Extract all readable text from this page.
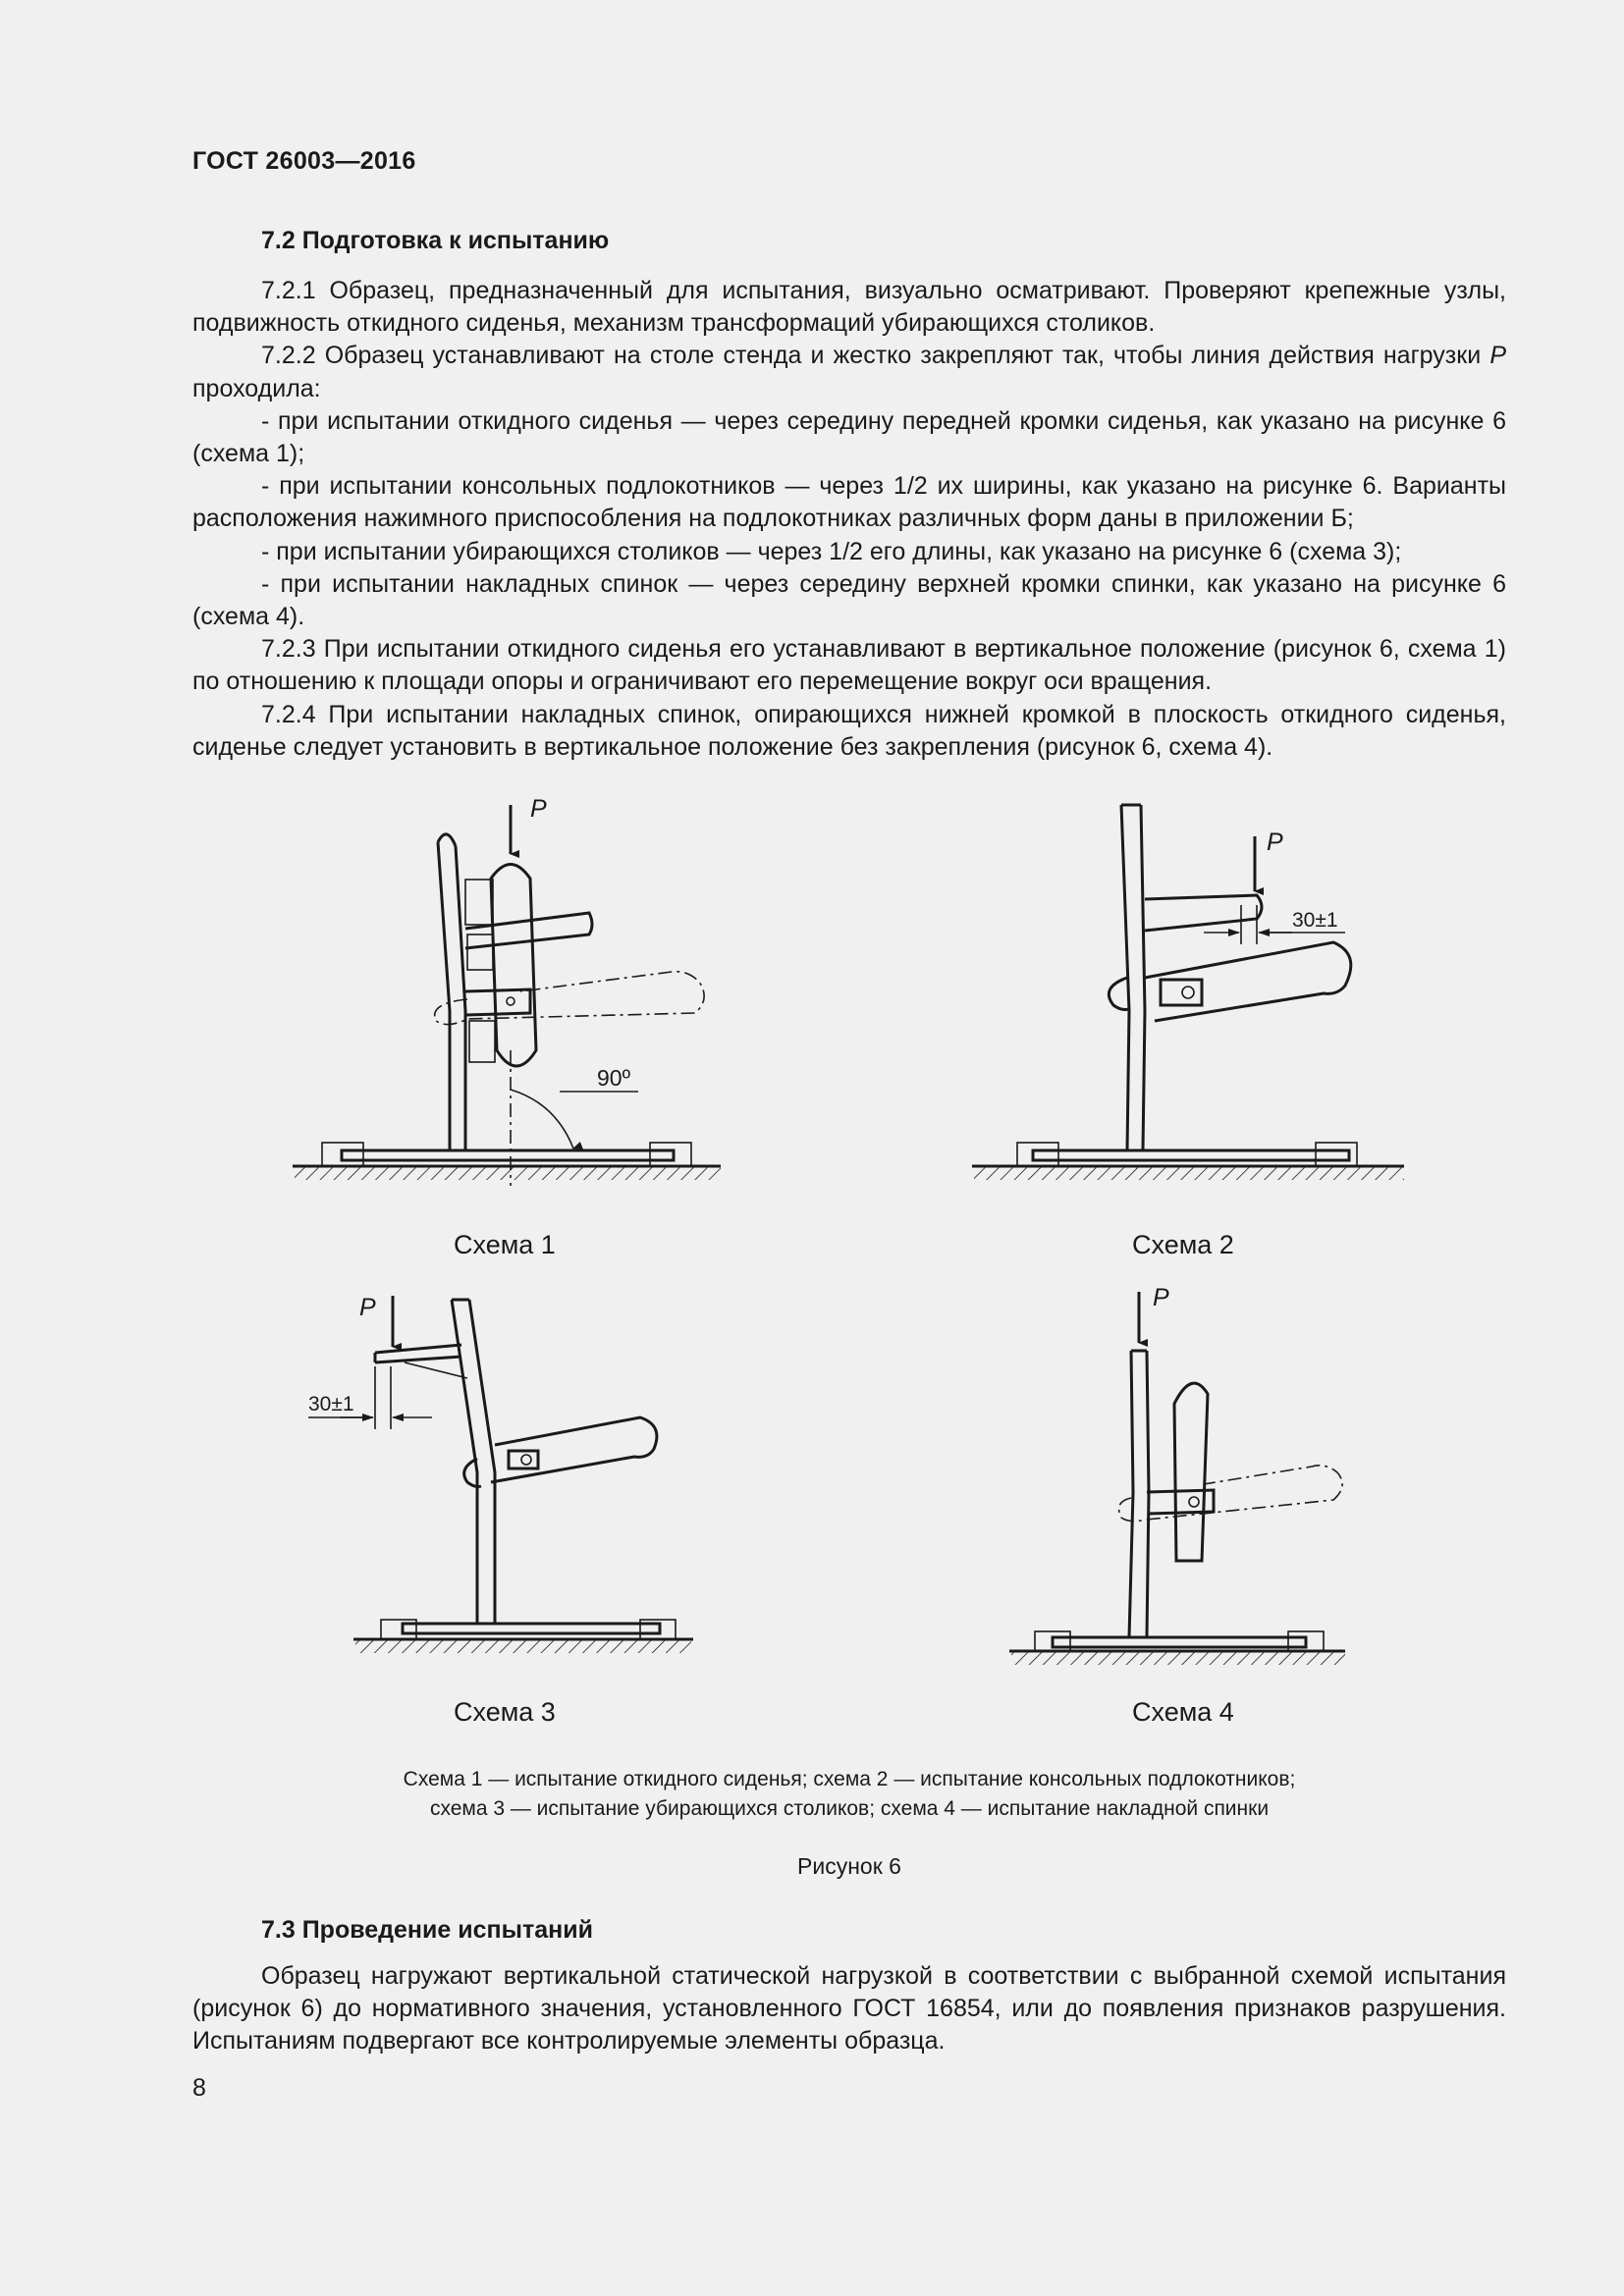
ГОСТ 26003—2016
7.2 Подготовка к испытанию

7.2.1 Образец, предназначенный для испытания, визуально осматривают. Проверяют крепежные узлы, подвижность откидного сиденья, механизм трансформаций убирающихся столиков.

7.2.2 Образец устанавливают на столе стенда и жестко закрепляют так, чтобы линия действия нагрузки P проходила:

- при испытании откидного сиденья — через середину передней кромки сиденья, как указано на рисунке 6 (схема 1);

- при испытании консольных подлокотников — через 1/2 их ширины, как указано на рисунке 6. Варианты расположения нажимного приспособления на подлокотниках различных форм даны в приложении Б;

- при испытании убирающихся столиков — через 1/2 его длины, как указано на рисунке 6 (схема 3);

- при испытании накладных спинок — через середину верхней кромки спинки, как указано на рисунке 6 (схема 4).

7.2.3 При испытании откидного сиденья его устанавливают в вертикальное положение (рисунок 6, схема 1) по отношению к площади опоры и ограничивают его перемещение вокруг оси вращения.

7.2.4 При испытании накладных спинок, опирающихся нижней кромкой в плоскость откидного сиденья, сиденье следует установить в вертикальное положение без закрепления (рисунок 6, схема 4).

P
90º
P
30±1
P
30±1
P
Схема 1	Схема 2
Схема 3	Схема 4
Схема 1 — испытание откидного сиденья; схема 2 — испытание консольных подлокотников;
схема 3 — испытание убирающихся столиков; схема 4 — испытание накладной спинки
Рисунок 6
7.3 Проведение испытаний

Образец нагружают вертикальной статической нагрузкой в соответствии с выбранной схемой испытания (рисунок 6) до нормативного значения, установленного ГОСТ 16854, или до появления признаков разрушения. Испытаниям подвергают все контролируемые элементы образца.

8
